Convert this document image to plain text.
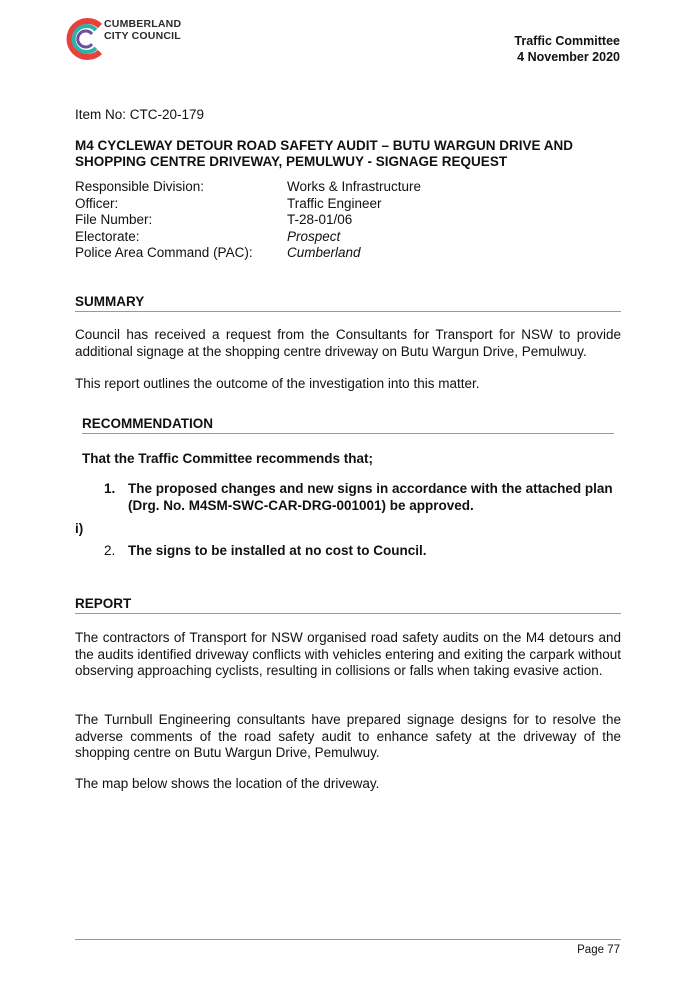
CUMBERLAND
CITY COUNCIL	Traffic Committee
4 November 2020
Item No: CTC-20-179
M4 CYCLEWAY DETOUR ROAD SAFETY AUDIT – BUTU WARGUN DRIVE AND SHOPPING CENTRE DRIVEWAY, PEMULWUY - SIGNAGE REQUEST
Responsible Division:	Works & Infrastructure
Officer:	Traffic Engineer
File Number:	T-28-01/06
Electorate:	Prospect
Police Area Command (PAC):	Cumberland
SUMMARY
Council has received a request from the Consultants for Transport for NSW to provide additional signage at the shopping centre driveway on Butu Wargun Drive, Pemulwuy.
This report outlines the outcome of the investigation into this matter.
RECOMMENDATION
That the Traffic Committee recommends that;
1. The proposed changes and new signs in accordance with the attached plan (Drg. No. M4SM-SWC-CAR-DRG-001001) be approved.
i)
2. The signs to be installed at no cost to Council.
REPORT
The contractors of Transport for NSW organised road safety audits on the M4 detours and the audits identified driveway conflicts with vehicles entering and exiting the carpark without observing approaching cyclists, resulting in collisions or falls when taking evasive action.
The Turnbull Engineering consultants have prepared signage designs for to resolve the adverse comments of the road safety audit to enhance safety at the driveway of the shopping centre on Butu Wargun Drive, Pemulwuy.
The map below shows the location of the driveway.
Page 77
